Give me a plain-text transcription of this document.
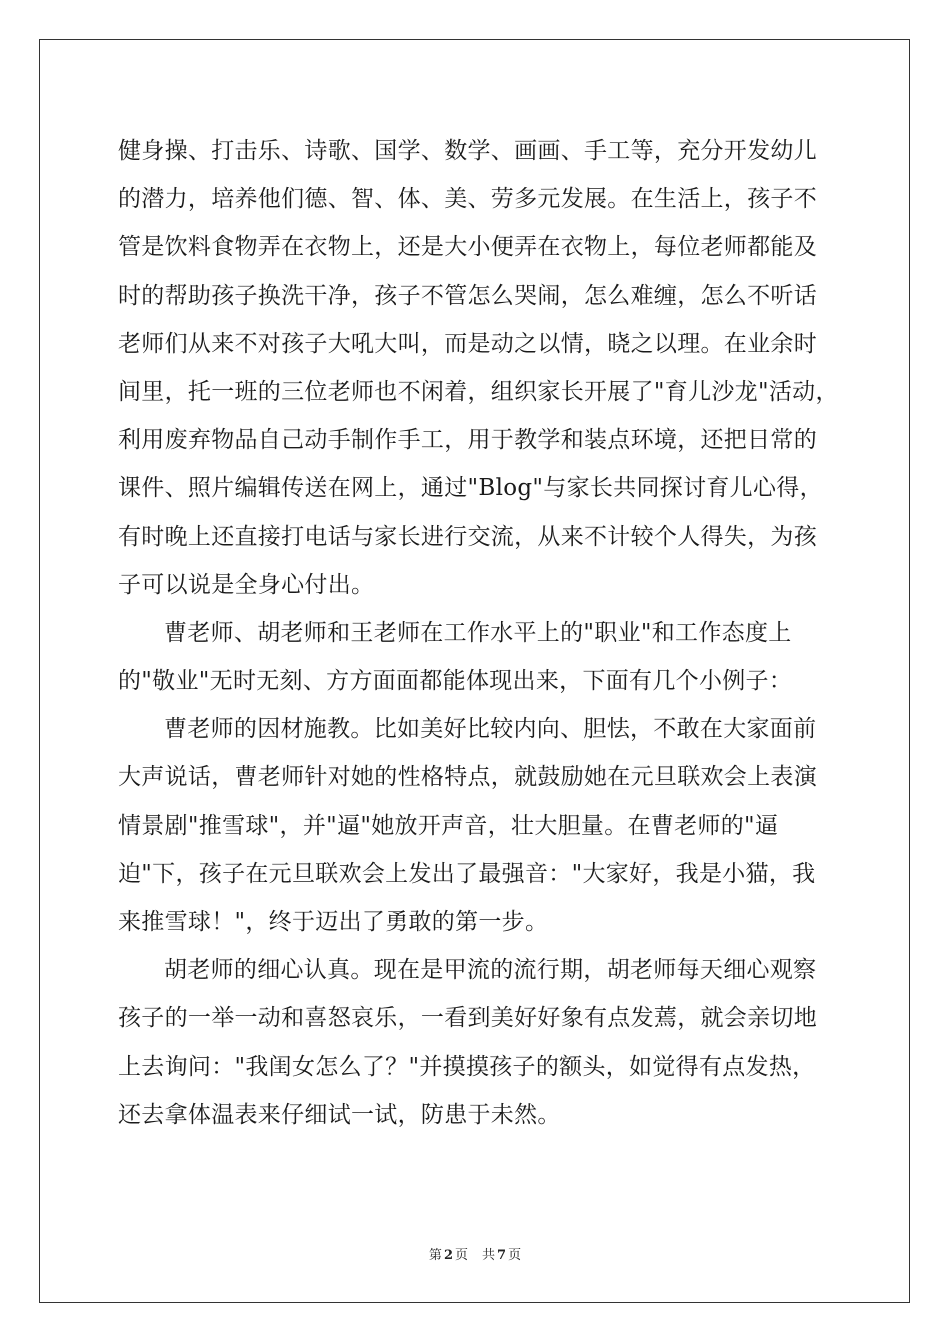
健身操、打击乐、诗歌、国学、数学、画画、手工等，充分开发幼儿
的潜力，培养他们德、智、体、美、劳多元发展。在生活上，孩子不
管是饮料食物弄在衣物上，还是大小便弄在衣物上，每位老师都能及
时的帮助孩子换洗干净，孩子不管怎么哭闹，怎么难缠，怎么不听话
老师们从来不对孩子大吼大叫，而是动之以情，晓之以理。在业余时
间里，托一班的三位老师也不闲着，组织家长开展了"育儿沙龙"活动，
利用废弃物品自己动手制作手工，用于教学和装点环境，还把日常的
课件、照片编辑传送在网上，通过"Blog"与家长共同探讨育儿心得，
有时晚上还直接打电话与家长进行交流，从来不计较个人得失，为孩
子可以说是全身心付出。
曹老师、胡老师和王老师在工作水平上的"职业"和工作态度上
的"敬业"无时无刻、方方面面都能体现出来，下面有几个小例子：
曹老师的因材施教。比如美好比较内向、胆怯，不敢在大家面前
大声说话，曹老师针对她的性格特点，就鼓励她在元旦联欢会上表演
情景剧"推雪球"，并"逼"她放开声音，壮大胆量。在曹老师的"逼
迫"下，孩子在元旦联欢会上发出了最强音："大家好，我是小猫，我
来推雪球！"，终于迈出了勇敢的第一步。
胡老师的细心认真。现在是甲流的流行期，胡老师每天细心观察
孩子的一举一动和喜怒哀乐，一看到美好好象有点发蔫，就会亲切地
上去询问："我闺女怎么了？"并摸摸孩子的额头，如觉得有点发热，
还去拿体温表来仔细试一试，防患于未然。
第 2 页 共 7 页
